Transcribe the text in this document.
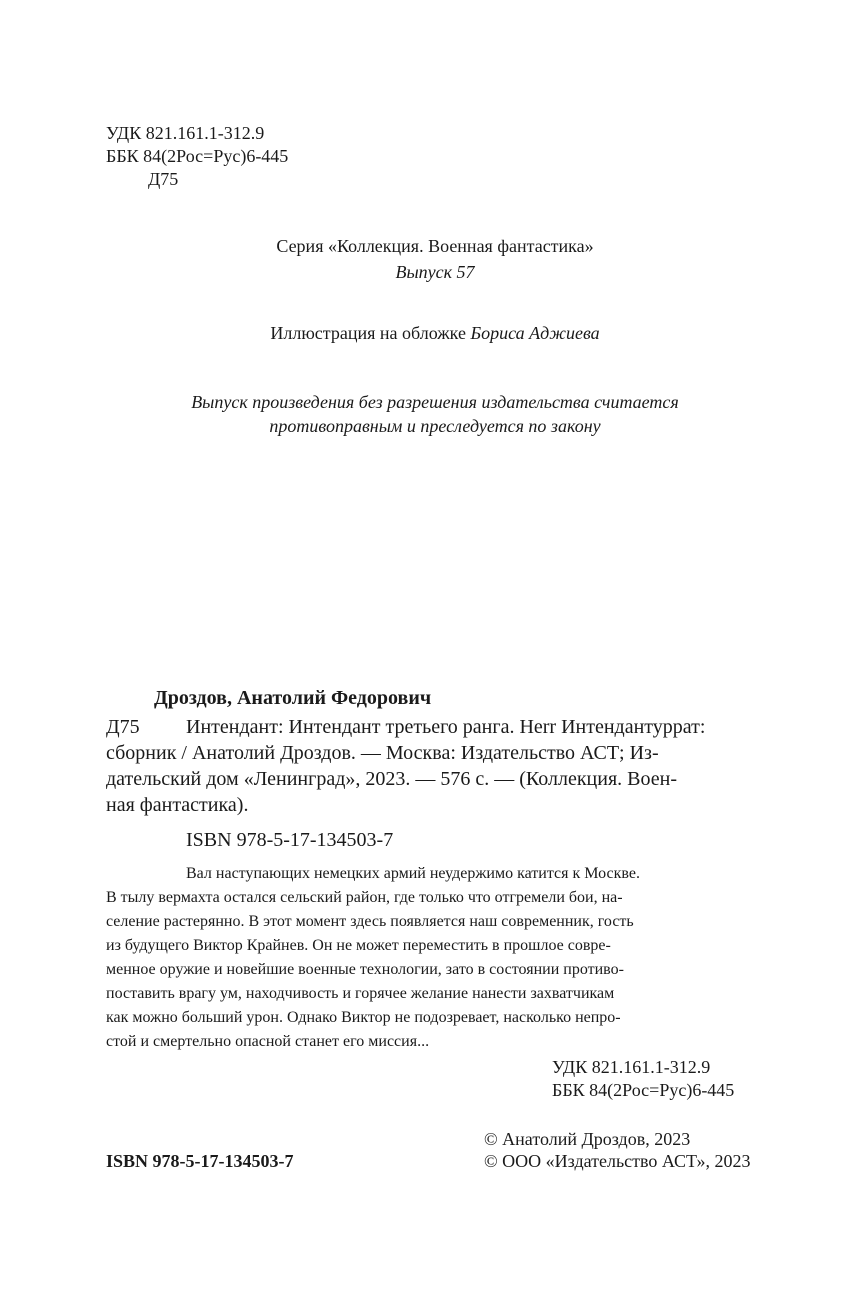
УДК 821.161.1-312.9
ББК 84(2Рос=Рус)6-445
Д75
Серия «Коллекция. Военная фантастика»
Выпуск 57
Иллюстрация на обложке Бориса Аджиева
Выпуск произведения без разрешения издательства считается
противоправным и преследуется по закону
Дроздов, Анатолий Федорович
Д75 Интендант: Интендант третьего ранга. Herr Интендантуррат:
сборник / Анатолий Дроздов. — Москва: Издательство АСТ; Из-
дательский дом «Ленинград», 2023. — 576 с. — (Коллекция. Воен-
ная фантастика).
ISBN 978-5-17-134503-7
Вал наступающих немецких армий неудержимо катится к Москве.
В тылу вермахта остался сельский район, где только что отгремели бои, на-
селение растерянно. В этот момент здесь появляется наш современник, гость
из будущего Виктор Крайнев. Он не может переместить в прошлое совре-
менное оружие и новейшие военные технологии, зато в состоянии противо-
поставить врагу ум, находчивость и горячее желание нанести захватчикам
как можно больший урон. Однако Виктор не подозревает, насколько непро-
стой и смертельно опасной станет его миссия...
УДК 821.161.1-312.9
ББК 84(2Рос=Рус)6-445
© Анатолий Дроздов, 2023
ISBN 978-5-17-134503-7	© ООО «Издательство АСТ», 2023
